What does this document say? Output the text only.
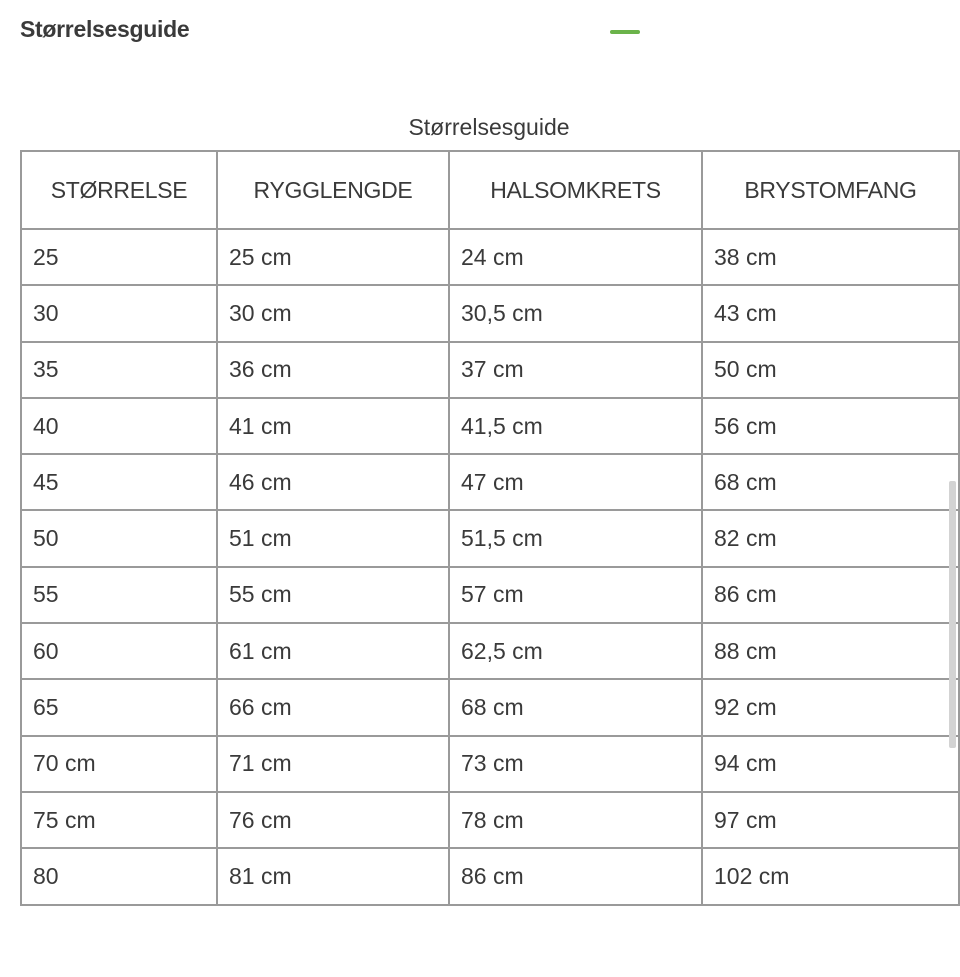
Størrelsesguide
Størrelsesguide
STØRRELSE	RYGGLENGDE	HALSOMKRETS	BRYSTOMFANG
25	25 cm	24 cm	38 cm
30	30 cm	30,5 cm	43 cm
35	36 cm	37 cm	50 cm
40	41 cm	41,5 cm	56 cm
45	46 cm	47 cm	68 cm
50	51 cm	51,5 cm	82 cm
55	55 cm	57 cm	86 cm
60	61 cm	62,5 cm	88 cm
65	66 cm	68 cm	92 cm
70 cm	71 cm	73 cm	94 cm
75 cm	76 cm	78 cm	97 cm
80	81 cm	86 cm	102 cm
